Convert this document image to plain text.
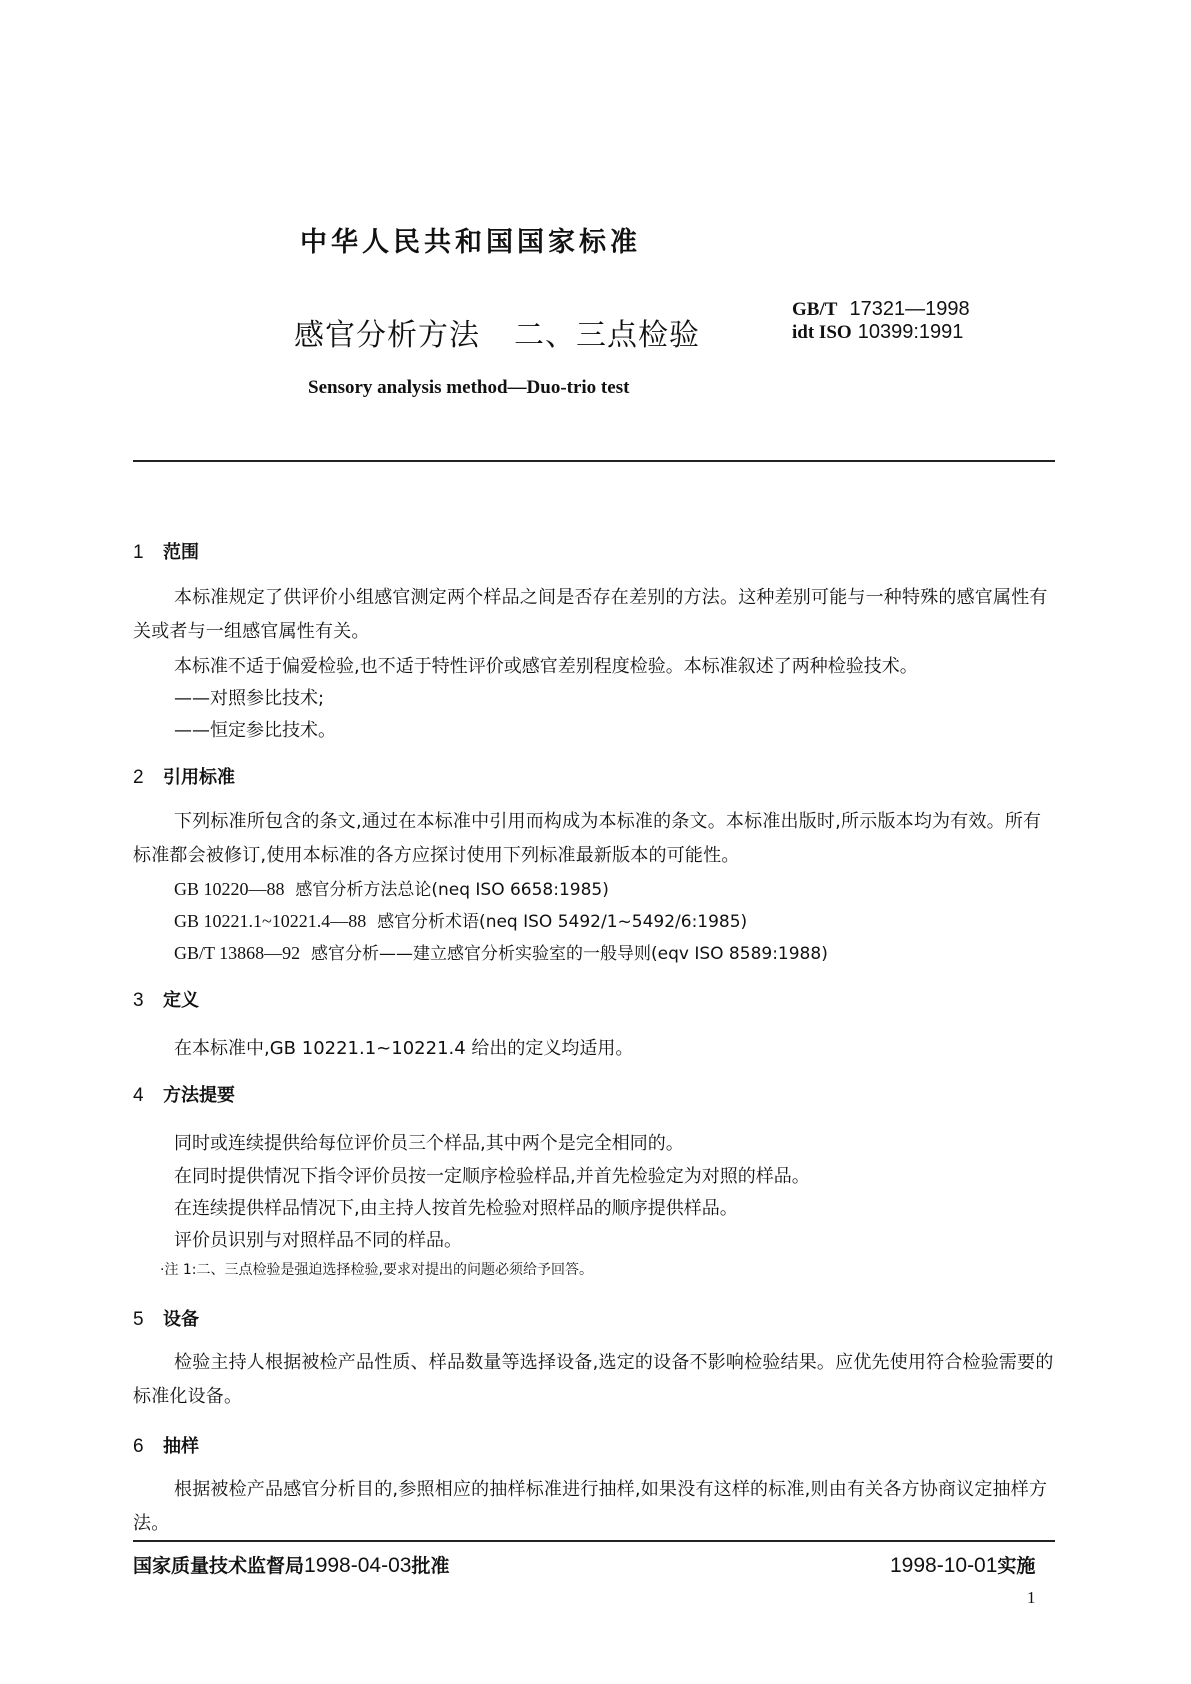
中华人民共和国国家标准
感官分析方法 二、三点检验
GB/T 17321—1998
idt ISO 10399:1991
Sensory analysis method—Duo-trio test
1 范围
本标准规定了供评价小组感官测定两个样品之间是否存在差别的方法。这种差别可能与一种特殊的感官属性有关或者与一组感官属性有关。
本标准不适于偏爱检验,也不适于特性评价或感官差别程度检验。本标准叙述了两种检验技术。
——对照参比技术;
——恒定参比技术。
2 引用标准
下列标准所包含的条文,通过在本标准中引用而构成为本标准的条文。本标准出版时,所示版本均为有效。所有标准都会被修订,使用本标准的各方应探讨使用下列标准最新版本的可能性。
GB 10220—88 感官分析方法总论(neq ISO 6658:1985)
GB 10221.1~10221.4—88 感官分析术语(neq ISO 5492/1~5492/6:1985)
GB/T 13868—92 感官分析——建立感官分析实验室的一般导则(eqv ISO 8589:1988)
3 定义
在本标准中,GB 10221.1~10221.4 给出的定义均适用。
4 方法提要
同时或连续提供给每位评价员三个样品,其中两个是完全相同的。
在同时提供情况下指令评价员按一定顺序检验样品,并首先检验定为对照的样品。
在连续提供样品情况下,由主持人按首先检验对照样品的顺序提供样品。
评价员识别与对照样品不同的样品。
·注 1:二、三点检验是强迫选择检验,要求对提出的问题必须给予回答。
5 设备
检验主持人根据被检产品性质、样品数量等选择设备,选定的设备不影响检验结果。应优先使用符合检验需要的标准化设备。
6 抽样
根据被检产品感官分析目的,参照相应的抽样标准进行抽样,如果没有这样的标准,则由有关各方协商议定抽样方法。
国家质量技术监督局1998-04-03批准	1998-10-01实施
1
